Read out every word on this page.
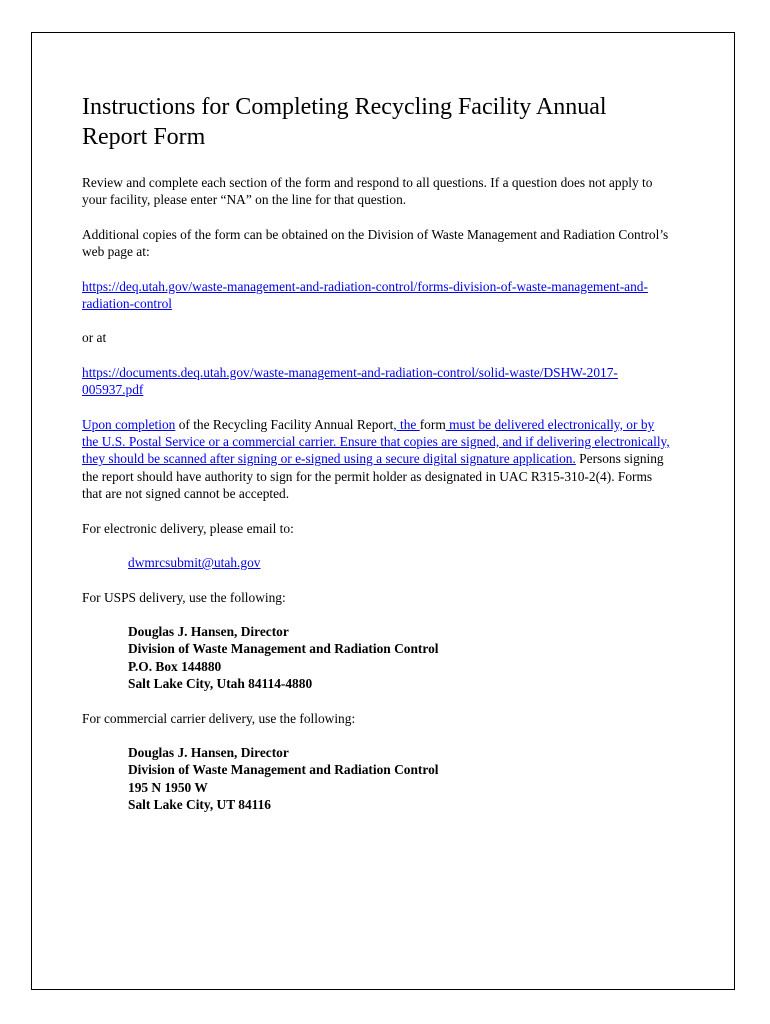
Instructions for Completing Recycling Facility Annual Report Form

Review and complete each section of the form and respond to all questions. If a question does not apply to your facility, please enter “NA” on the line for that question.

Additional copies of the form can be obtained on the Division of Waste Management and Radiation Control’s web page at:

https://deq.utah.gov/waste-management-and-radiation-control/forms-division-of-waste-management-and-radiation-control

or at

https://documents.deq.utah.gov/waste-management-and-radiation-control/solid-waste/DSHW-2017-005937.pdf

Upon completion of the Recycling Facility Annual Report, the form must be delivered electronically, or by the U.S. Postal Service or a commercial carrier. Ensure that copies are signed, and if delivering electronically, they should be scanned after signing or e-signed using a secure digital signature application. Persons signing the report should have authority to sign for the permit holder as designated in UAC R315-310-2(4). Forms that are not signed cannot be accepted.

For electronic delivery, please email to:

dwmrcsubmit@utah.gov

For USPS delivery, use the following:

Douglas J. Hansen, Director
Division of Waste Management and Radiation Control
P.O. Box 144880
Salt Lake City, Utah 84114-4880

For commercial carrier delivery, use the following:

Douglas J. Hansen, Director
Division of Waste Management and Radiation Control
195 N 1950 W
Salt Lake City, UT 84116
